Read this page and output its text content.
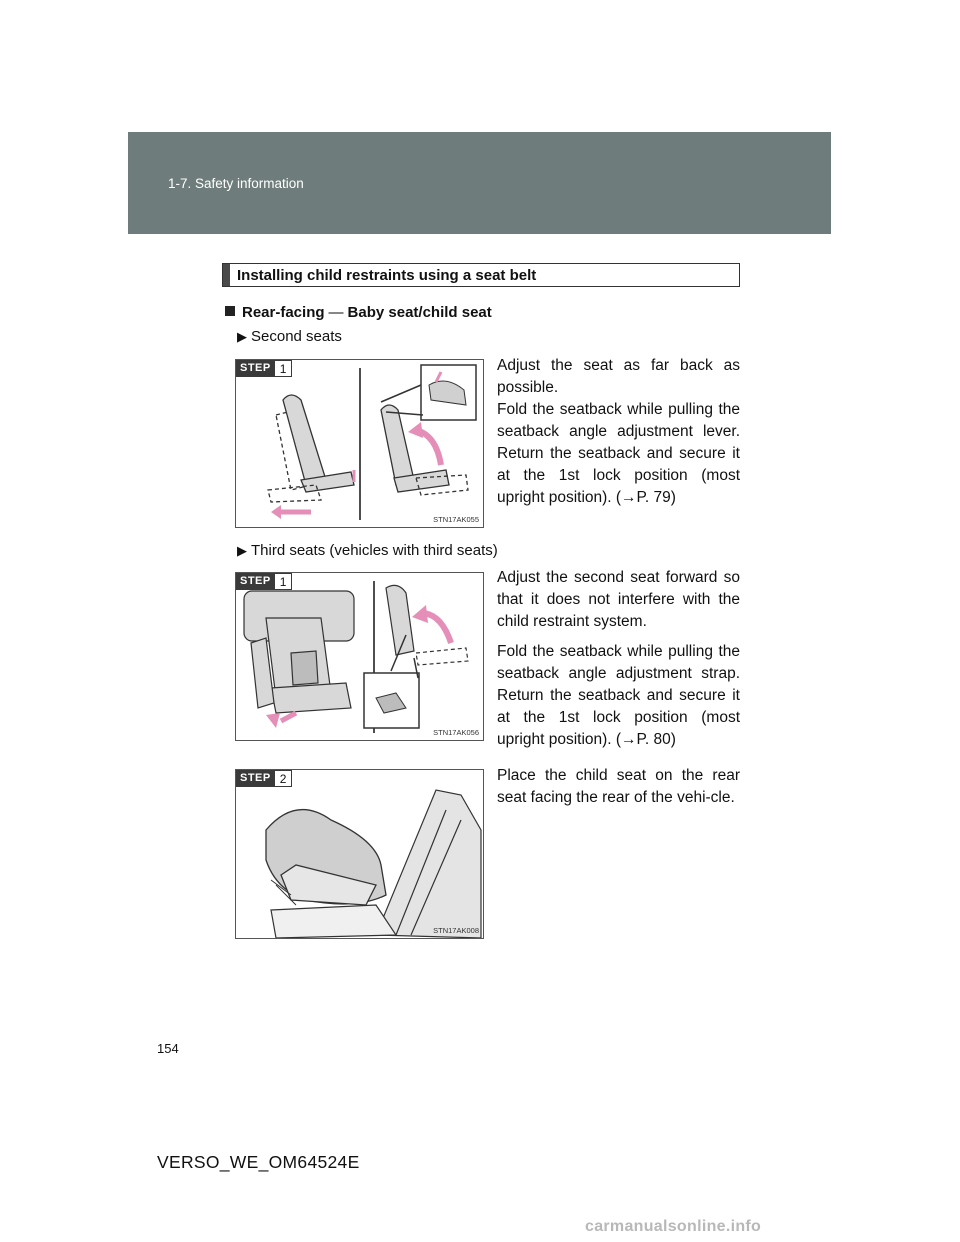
1-7. Safety information
Installing child restraints using a seat belt
Rear-facing — Baby seat/child seat
▶ Second seats
STEP 1
STN17AK055
Adjust the seat as far back as possible.
Fold the seatback while pulling the seatback angle adjustment lever. Return the seatback and secure it at the 1st lock position (most upright position). (→P. 79)
▶ Third seats (vehicles with third seats)
STEP 1
STN17AK056
Adjust the second seat forward so that it does not interfere with the child restraint system.
Fold the seatback while pulling the seatback angle adjustment strap. Return the seatback and secure it at the 1st lock position (most upright position). (→P. 80)
STEP 2
STN17AK008
Place the child seat on the rear seat facing the rear of the vehi-cle.
154
VERSO_WE_OM64524E
carmanualsonline.info
